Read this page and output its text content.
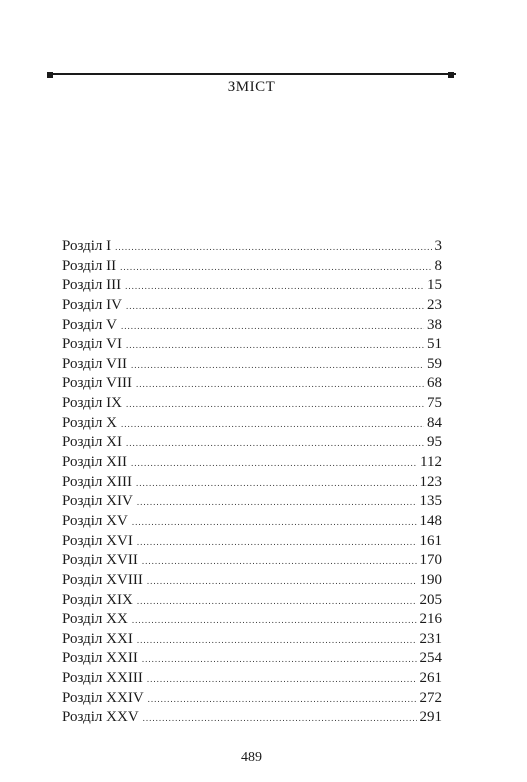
ЗМІСТ
Розділ I .....	3
Розділ II .....	8
Розділ III .....	15
Розділ IV .....	23
Розділ V .....	38
Розділ VI .....	51
Розділ VII .....	59
Розділ VIII .....	68
Розділ IX .....	75
Розділ X .....	84
Розділ XI .....	95
Розділ XII .....	112
Розділ XIII .....	123
Розділ XIV .....	135
Розділ XV .....	148
Розділ XVI .....	161
Розділ XVII .....	170
Розділ XVIII .....	190
Розділ XIX .....	205
Розділ XX .....	216
Розділ XXI .....	231
Розділ XXII .....	254
Розділ XXIII .....	261
Розділ XXIV .....	272
Розділ XXV .....	291
489
